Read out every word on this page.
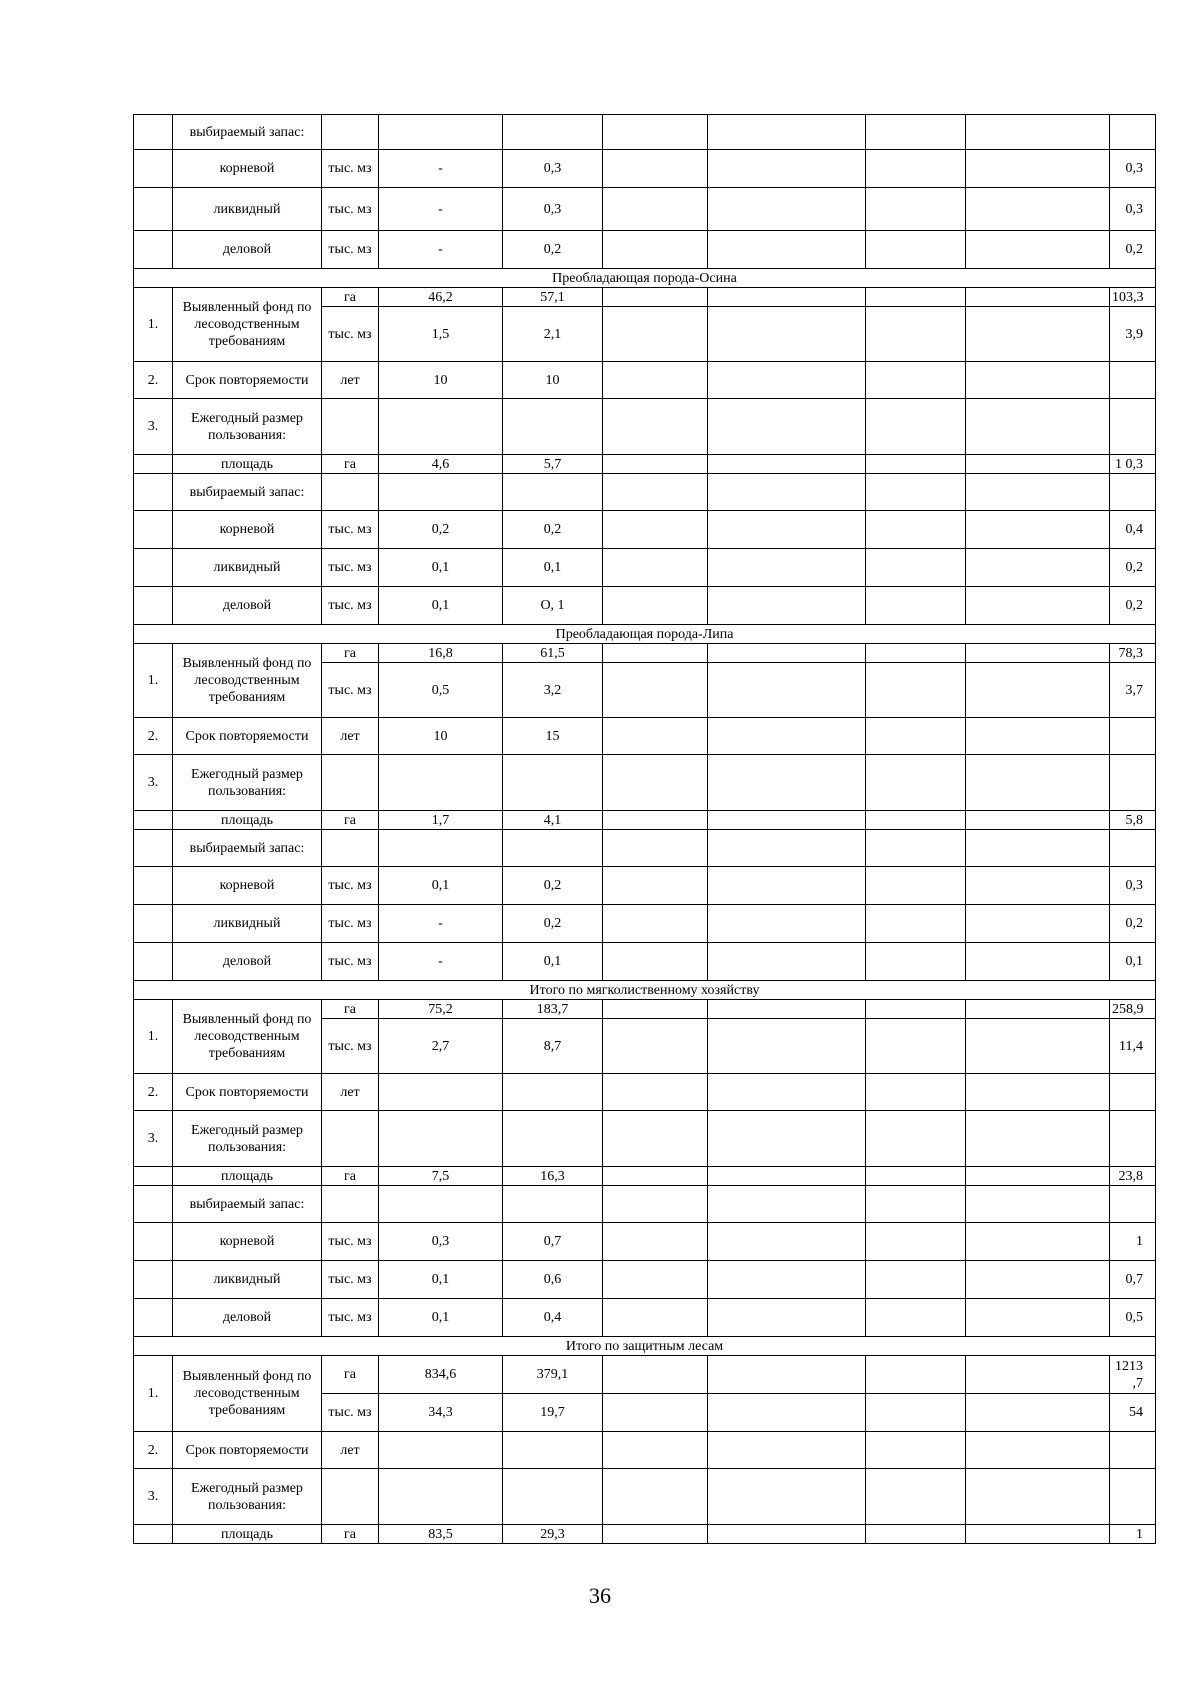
	выбираемый запас:								
	корневой	тыс. мз	-	0,3					0,3
	ликвидный	тыс. мз	-	0,3					0,3
	деловой	тыс. мз	-	0,2					0,2
Преобладающая порода-Осина									
1.	Выявленный фонд по лесоводственным требованиям	га	46,2	57,1					103,3
		тыс. мз	1,5	2,1					3,9
2.	Срок повторяемости	лет	10	10					
3.	Ежегодный размер пользования:								
	площадь	га	4,6	5,7					1 0,3
	выбираемый запас:								
	корневой	тыс. мз	0,2	0,2					0,4
	ликвидный	тыс. мз	0,1	0,1					0,2
	деловой	тыс. мз	0,1	О, 1					0,2
Преобладающая порода-Липа									
1.	Выявленный фонд по лесоводственным требованиям	га	16,8	61,5					78,3
		тыс. мз	0,5	3,2					3,7
2.	Срок повторяемости	лет	10	15					
3.	Ежегодный размер пользования:								
	площадь	га	1,7	4,1					5,8
	выбираемый запас:								
	корневой	тыс. мз	0,1	0,2					0,3
	ликвидный	тыс. мз	-	0,2					0,2
	деловой	тыс. мз	-	0,1					0,1
Итого по мягколиственному хозяйству									
1.	Выявленный фонд по лесоводственным требованиям	га	75,2	183,7					258,9
		тыс. мз	2,7	8,7					11,4
2.	Срок повторяемости	лет							
3.	Ежегодный размер пользования:								
	площадь	га	7,5	16,3					23,8
	выбираемый запас:								
	корневой	тыс. мз	0,3	0,7					1
	ликвидный	тыс. мз	0,1	0,6					0,7
	деловой	тыс. мз	0,1	0,4					0,5
Итого по защитным лесам									
1.	Выявленный фонд по лесоводственным требованиям	га	834,6	379,1					1213 ,7
		тыс. мз	34,3	19,7					54
2.	Срок повторяемости	лет							
3.	Ежегодный размер пользования:								
	площадь	га	83,5	29,3					1
36
